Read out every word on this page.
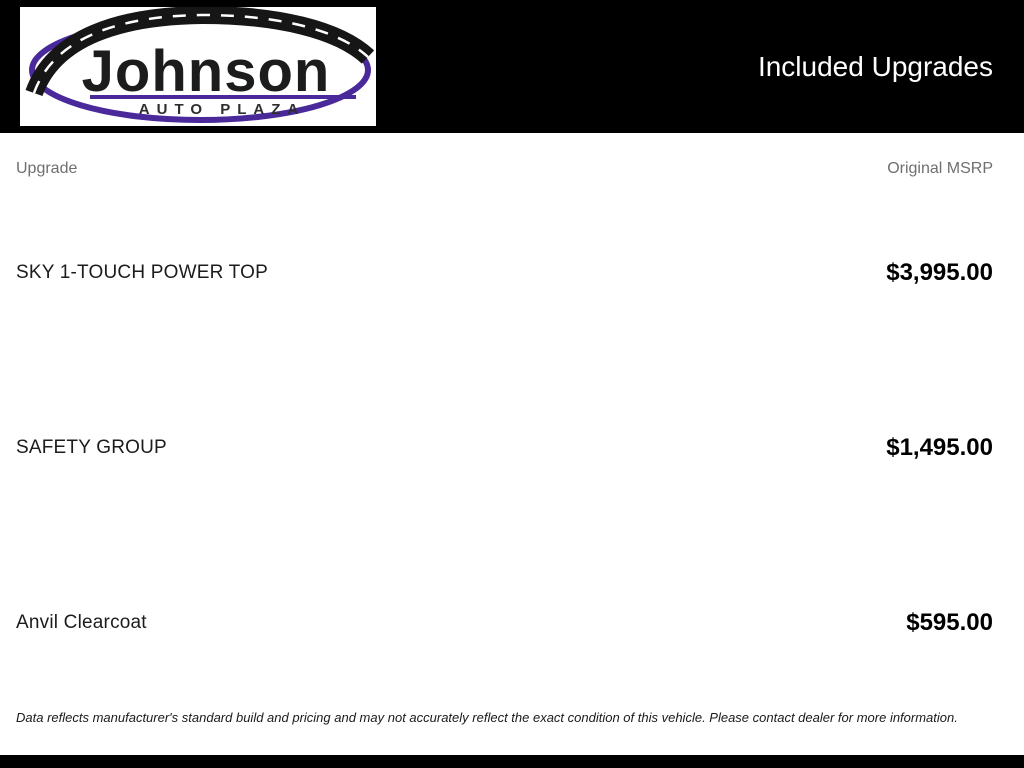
Johnson
AUTO PLAZA
Included Upgrades
Upgrade	Original MSRP
SKY 1-TOUCH POWER TOP	$3,995.00
SAFETY GROUP	$1,495.00
Anvil Clearcoat	$595.00
Data reflects manufacturer's standard build and pricing and may not accurately reflect the exact condition of this vehicle. Please contact dealer for more information.
